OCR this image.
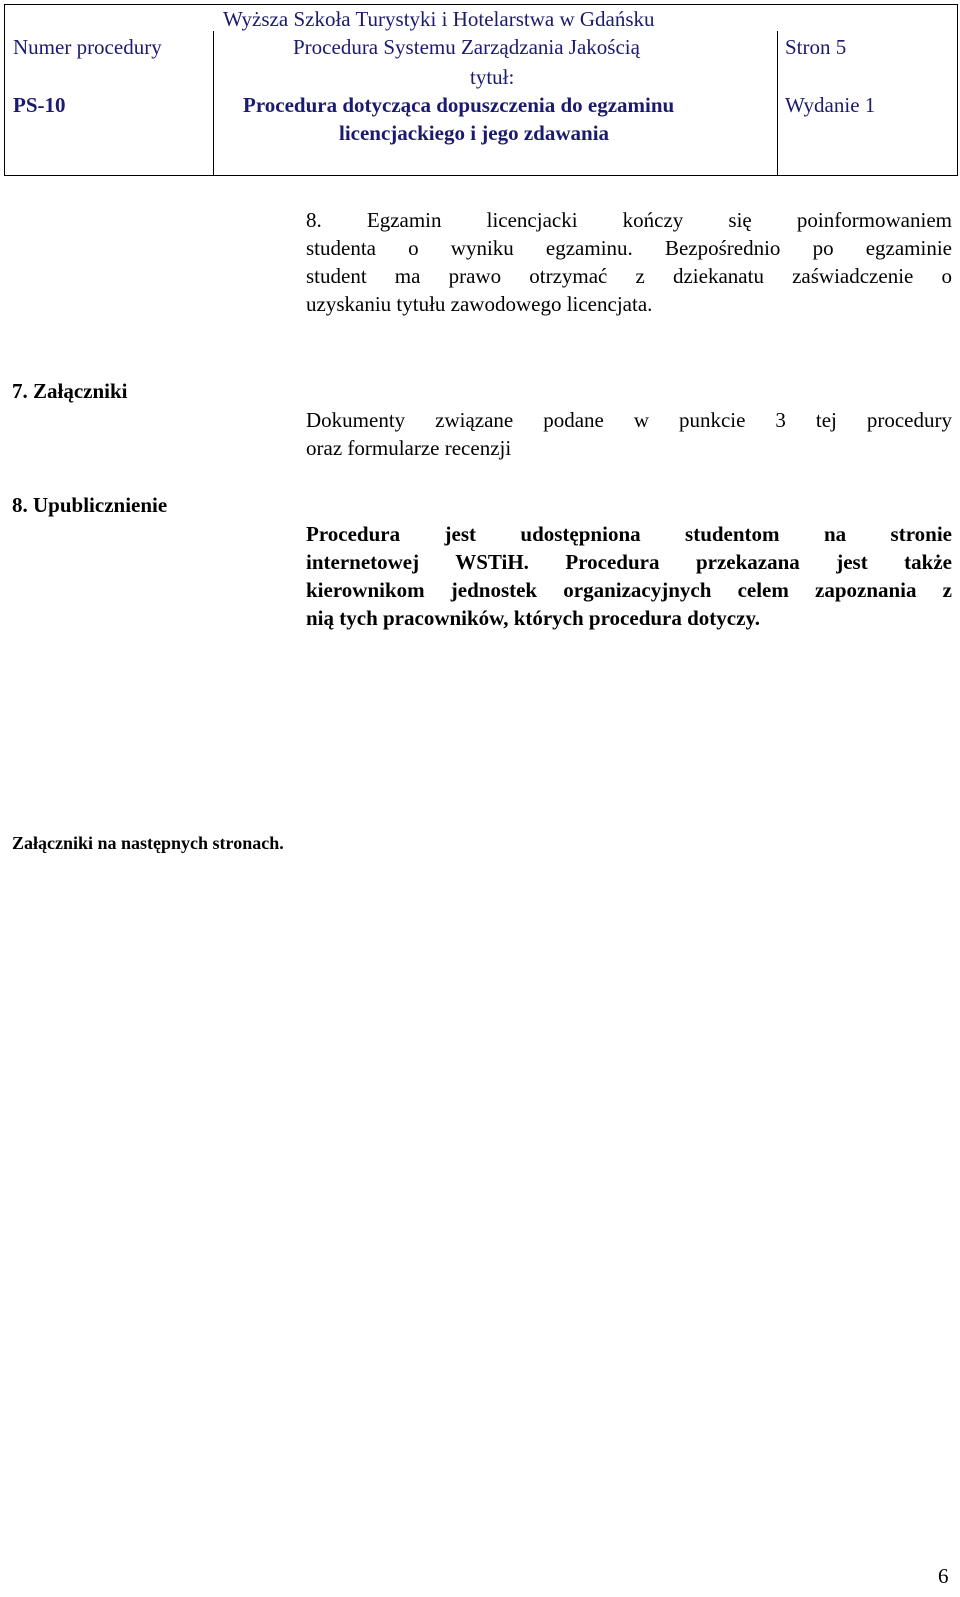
Wyższa Szkoła Turystyki i Hotelarstwa w Gdańsku
Numer procedury
PS-10
Procedura Systemu Zarządzania Jakością
tytuł:
Procedura dotycząca dopuszczenia do egzaminu
licencjackiego i jego zdawania
Stron 5
Wydanie 1
8. Egzamin licencjacki kończy się poinformowaniem
studenta o wyniku egzaminu. Bezpośrednio po egzaminie
student ma prawo otrzymać z dziekanatu zaświadczenie o
uzyskaniu tytułu zawodowego licencjata.
7. Załączniki
Dokumenty związane podane w punkcie 3 tej procedury
oraz formularze recenzji
8. Upublicznienie
Procedura jest udostępniona studentom na stronie
internetowej WSTiH. Procedura przekazana jest także
kierownikom jednostek organizacyjnych celem zapoznania z
nią tych pracowników, których procedura dotyczy.
Załączniki na następnych stronach.
6
